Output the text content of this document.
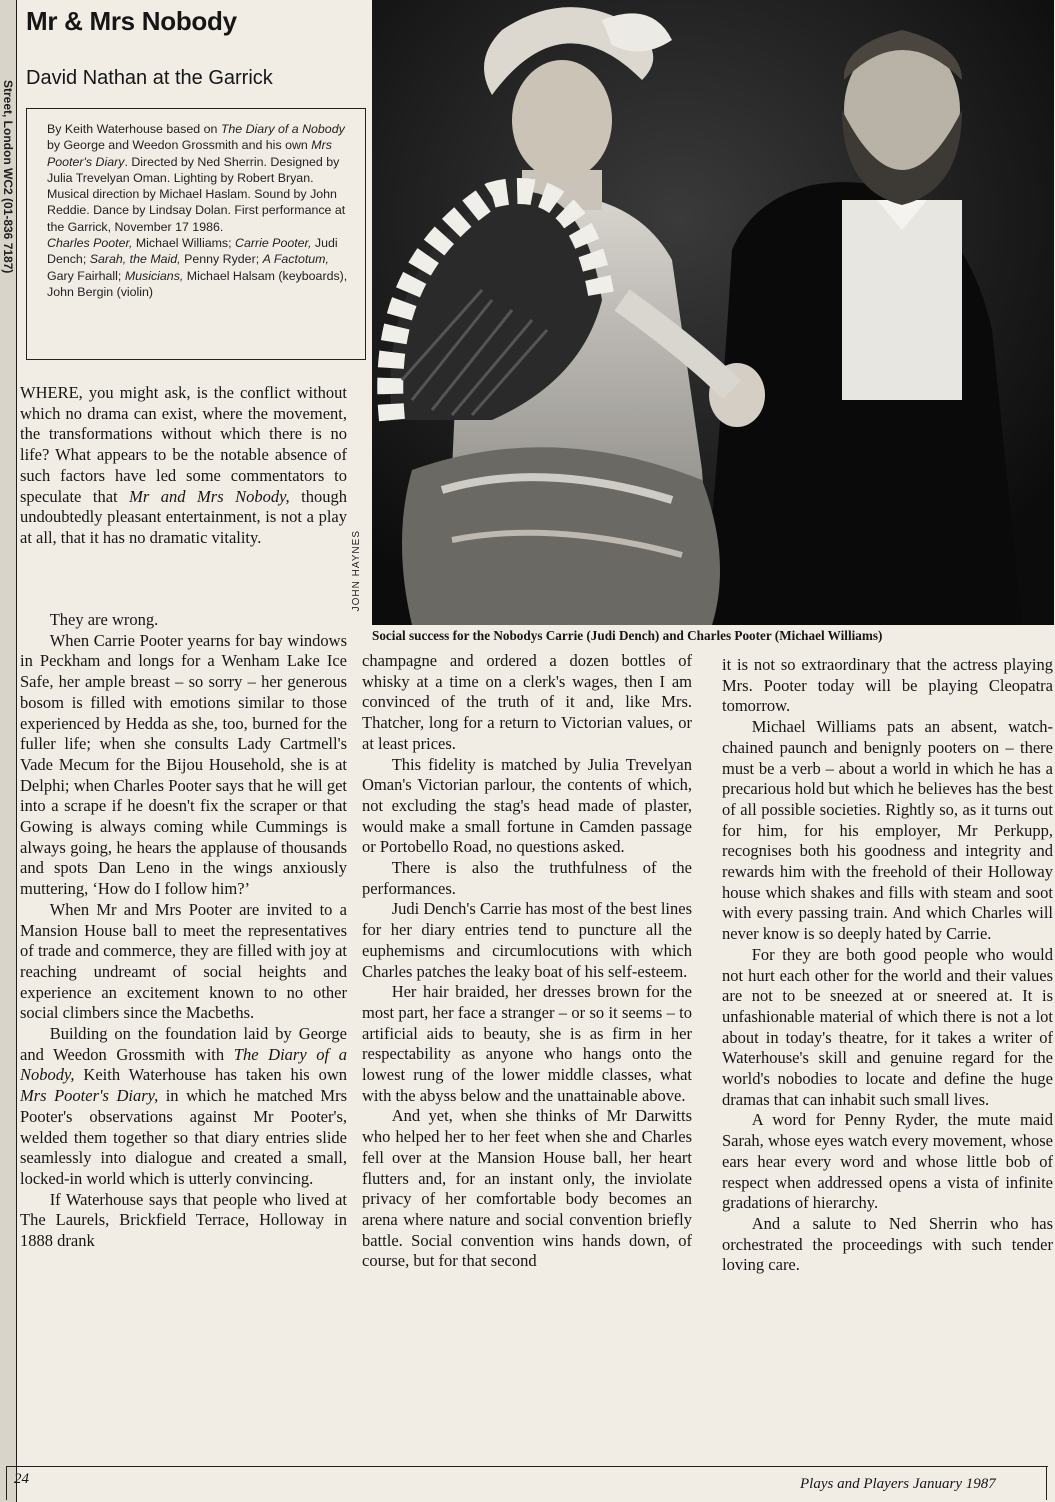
Street, London WC2 (01-836 7187)
Mr & Mrs Nobody

David Nathan at the Garrick

By Keith Waterhouse based on The Diary of a Nobody by George and Weedon Grossmith and his own Mrs Pooter's Diary. Directed by Ned Sherrin. Designed by Julia Trevelyan Oman. Lighting by Robert Bryan. Musical direction by Michael Haslam. Sound by John Reddie. Dance by Lindsay Dolan. First performance at the Garrick, November 17 1986.
Charles Pooter, Michael Williams; Carrie Pooter, Judi Dench; Sarah, the Maid, Penny Ryder; A Factotum, Gary Fairhall; Musicians, Michael Halsam (keyboards), John Bergin (violin)
JOHN HAYNES
Social success for the Nobodys Carrie (Judi Dench) and Charles Pooter (Michael Williams)

WHERE, you might ask, is the conflict without which no drama can exist, where the movement, the transformations without which there is no life? What appears to be the notable absence of such factors have led some commentators to speculate that Mr and Mrs Nobody, though undoubtedly pleasant entertainment, is not a play at all, that it has no dramatic vitality.

They are wrong.

When Carrie Pooter yearns for bay windows in Peckham and longs for a Wenham Lake Ice Safe, her ample breast – so sorry – her generous bosom is filled with emotions similar to those experienced by Hedda as she, too, burned for the fuller life; when she consults Lady Cartmell's Vade Mecum for the Bijou Household, she is at Delphi; when Charles Pooter says that he will get into a scrape if he doesn't fix the scraper or that Gowing is always coming while Cummings is always going, he hears the applause of thousands and spots Dan Leno in the wings anxiously muttering, ‘How do I follow him?’

When Mr and Mrs Pooter are invited to a Mansion House ball to meet the representatives of trade and commerce, they are filled with joy at reaching undreamt of social heights and experience an excitement known to no other social climbers since the Macbeths.

Building on the foundation laid by George and Weedon Grossmith with The Diary of a Nobody, Keith Waterhouse has taken his own Mrs Pooter's Diary, in which he matched Mrs Pooter's observations against Mr Pooter's, welded them together so that diary entries slide seamlessly into dialogue and created a small, locked-in world which is utterly convincing.

If Waterhouse says that people who lived at The Laurels, Brickfield Terrace, Holloway in 1888 drank

champagne and ordered a dozen bottles of whisky at a time on a clerk's wages, then I am convinced of the truth of it and, like Mrs. Thatcher, long for a return to Victorian values, or at least prices.

This fidelity is matched by Julia Trevelyan Oman's Victorian parlour, the contents of which, not excluding the stag's head made of plaster, would make a small fortune in Camden passage or Portobello Road, no questions asked.

There is also the truthfulness of the performances.

Judi Dench's Carrie has most of the best lines for her diary entries tend to puncture all the euphemisms and circumlocutions with which Charles patches the leaky boat of his self-esteem.

Her hair braided, her dresses brown for the most part, her face a stranger – or so it seems – to artificial aids to beauty, she is as firm in her respectability as anyone who hangs onto the lowest rung of the lower middle classes, what with the abyss below and the unattainable above.

And yet, when she thinks of Mr Darwitts who helped her to her feet when she and Charles fell over at the Mansion House ball, her heart flutters and, for an instant only, the inviolate privacy of her comfortable body becomes an arena where nature and social convention briefly battle. Social convention wins hands down, of course, but for that second

it is not so extraordinary that the actress playing Mrs. Pooter today will be playing Cleopatra tomorrow.

Michael Williams pats an absent, watch-chained paunch and benignly pooters on – there must be a verb – about a world in which he has a precarious hold but which he believes has the best of all possible societies. Rightly so, as it turns out for him, for his employer, Mr Perkupp, recognises both his goodness and integrity and rewards him with the freehold of their Holloway house which shakes and fills with steam and soot with every passing train. And which Charles will never know is so deeply hated by Carrie.

For they are both good people who would not hurt each other for the world and their values are not to be sneezed at or sneered at. It is unfashionable material of which there is not a lot about in today's theatre, for it takes a writer of Waterhouse's skill and genuine regard for the world's nobodies to locate and define the huge dramas that can inhabit such small lives.

A word for Penny Ryder, the mute maid Sarah, whose eyes watch every movement, whose ears hear every word and whose little bob of respect when addressed opens a vista of infinite gradations of hierarchy.

And a salute to Ned Sherrin who has orchestrated the proceedings with such tender loving care.

24	Plays and Players January 1987
